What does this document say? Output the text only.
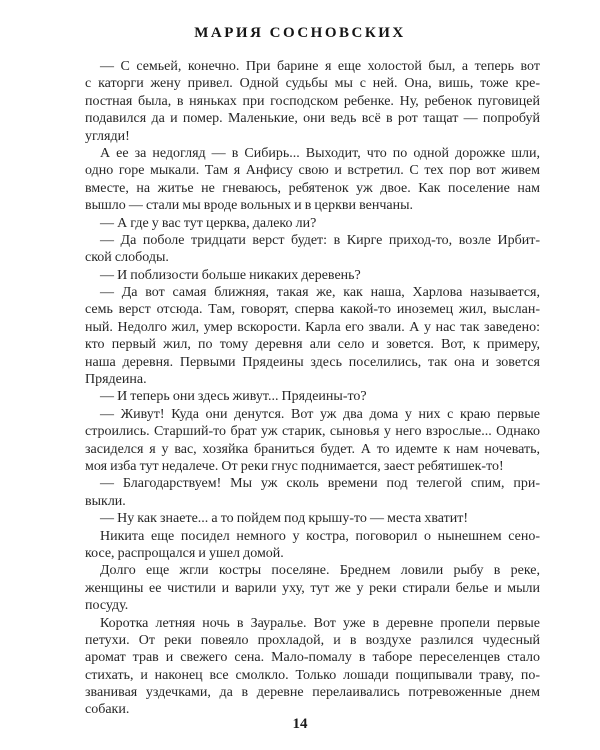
МАРИЯ СОСНОВСКИХ
— С семьей, конечно. При барине я еще холостой был, а теперь вот
с каторги жену привел. Одной судьбы мы с ней. Она, вишь, тоже кре-
постная была, в няньках при господском ребенке. Ну, ребенок пуговицей
подавился да и помер. Маленькие, они ведь всё в рот тащат — попробуй
угляди!
А ее за недогляд — в Сибирь... Выходит, что по одной дорожке шли,
одно горе мыкали. Там я Анфису свою и встретил. С тех пор вот живем
вместе, на житье не гневаюсь, ребятенок уж двое. Как поселение нам
вышло — стали мы вроде вольных и в церкви венчаны.
— А где у вас тут церква, далеко ли?
— Да поболе тридцати верст будет: в Кирге приход-то, возле Ирбит-
ской слободы.
— И поблизости больше никаких деревень?
— Да вот самая ближняя, такая же, как наша, Харлова называется,
семь верст отсюда. Там, говорят, сперва какой-то иноземец жил, выслан-
ный. Недолго жил, умер вскорости. Карла его звали. А у нас так заведено:
кто первый жил, по тому деревня али село и зовется. Вот, к примеру,
наша деревня. Первыми Прядеины здесь поселились, так она и зовется
Прядеина.
— И теперь они здесь живут... Прядеины-то?
— Живут! Куда они денутся. Вот уж два дома у них с краю первые
строились. Старший-то брат уж старик, сыновья у него взрослые... Однако
засиделся я у вас, хозяйка браниться будет. А то идемте к нам ночевать,
моя изба тут недалече. От реки гнус поднимается, заест ребятишек-то!
— Благодарствуем! Мы уж сколь времени под телегой спим, при-
выкли.
— Ну как знаете... а то пойдем под крышу-то — места хватит!
Никита еще посидел немного у костра, поговорил о нынешнем сено-
косе, распрощался и ушел домой.
Долго еще жгли костры поселяне. Бреднем ловили рыбу в реке,
женщины ее чистили и варили уху, тут же у реки стирали белье и мыли
посуду.
Коротка летняя ночь в Зауралье. Вот уже в деревне пропели первые
петухи. От реки повеяло прохладой, и в воздухе разлился чудесный
аромат трав и свежего сена. Мало-помалу в таборе переселенцев стало
стихать, и наконец все смолкло. Только лошади пощипывали траву, по-
званивая уздечками, да в деревне перелаивались потревоженные днем
собаки.
14
